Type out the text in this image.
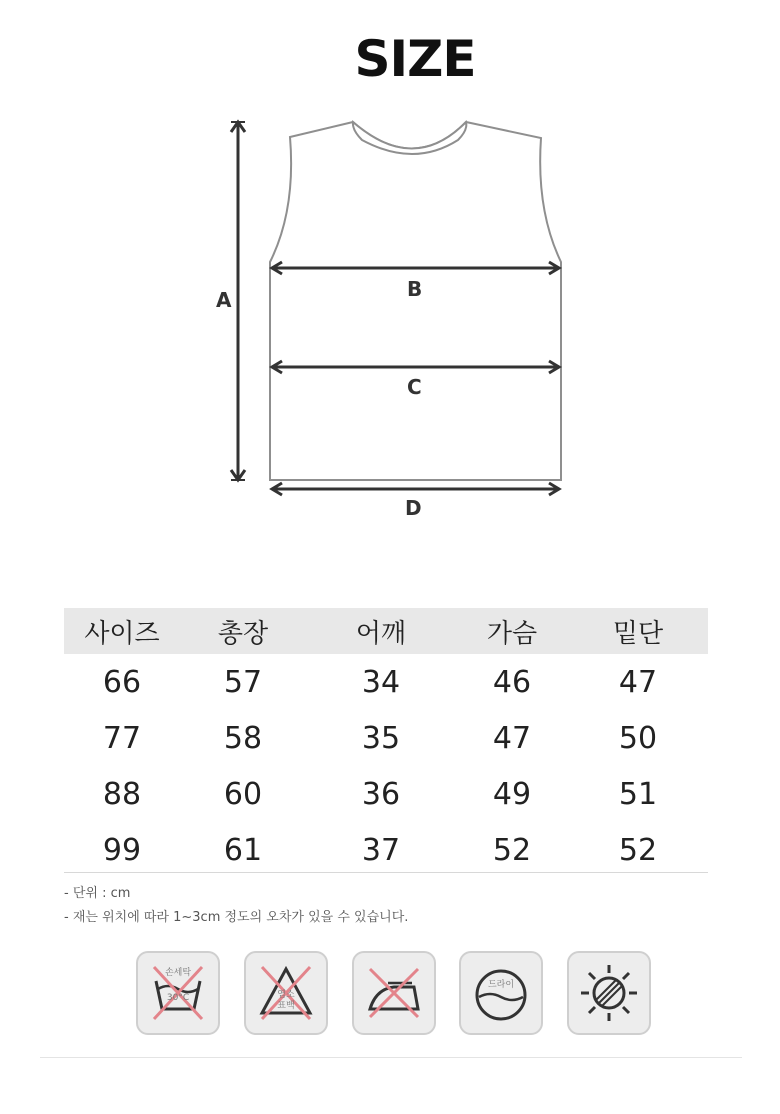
SIZE
A	B
C
D
사이즈	총장	어깨	가슴	밑단
66	57	34	46	47
77	58	35	47	50
88	60	36	49	51
99	61	37	52	52
- 단위 : cm
- 재는 위치에 따라 1~3cm 정도의 오차가 있을 수 있습니다.
손세탁
30°C	염소
표백
드라이
